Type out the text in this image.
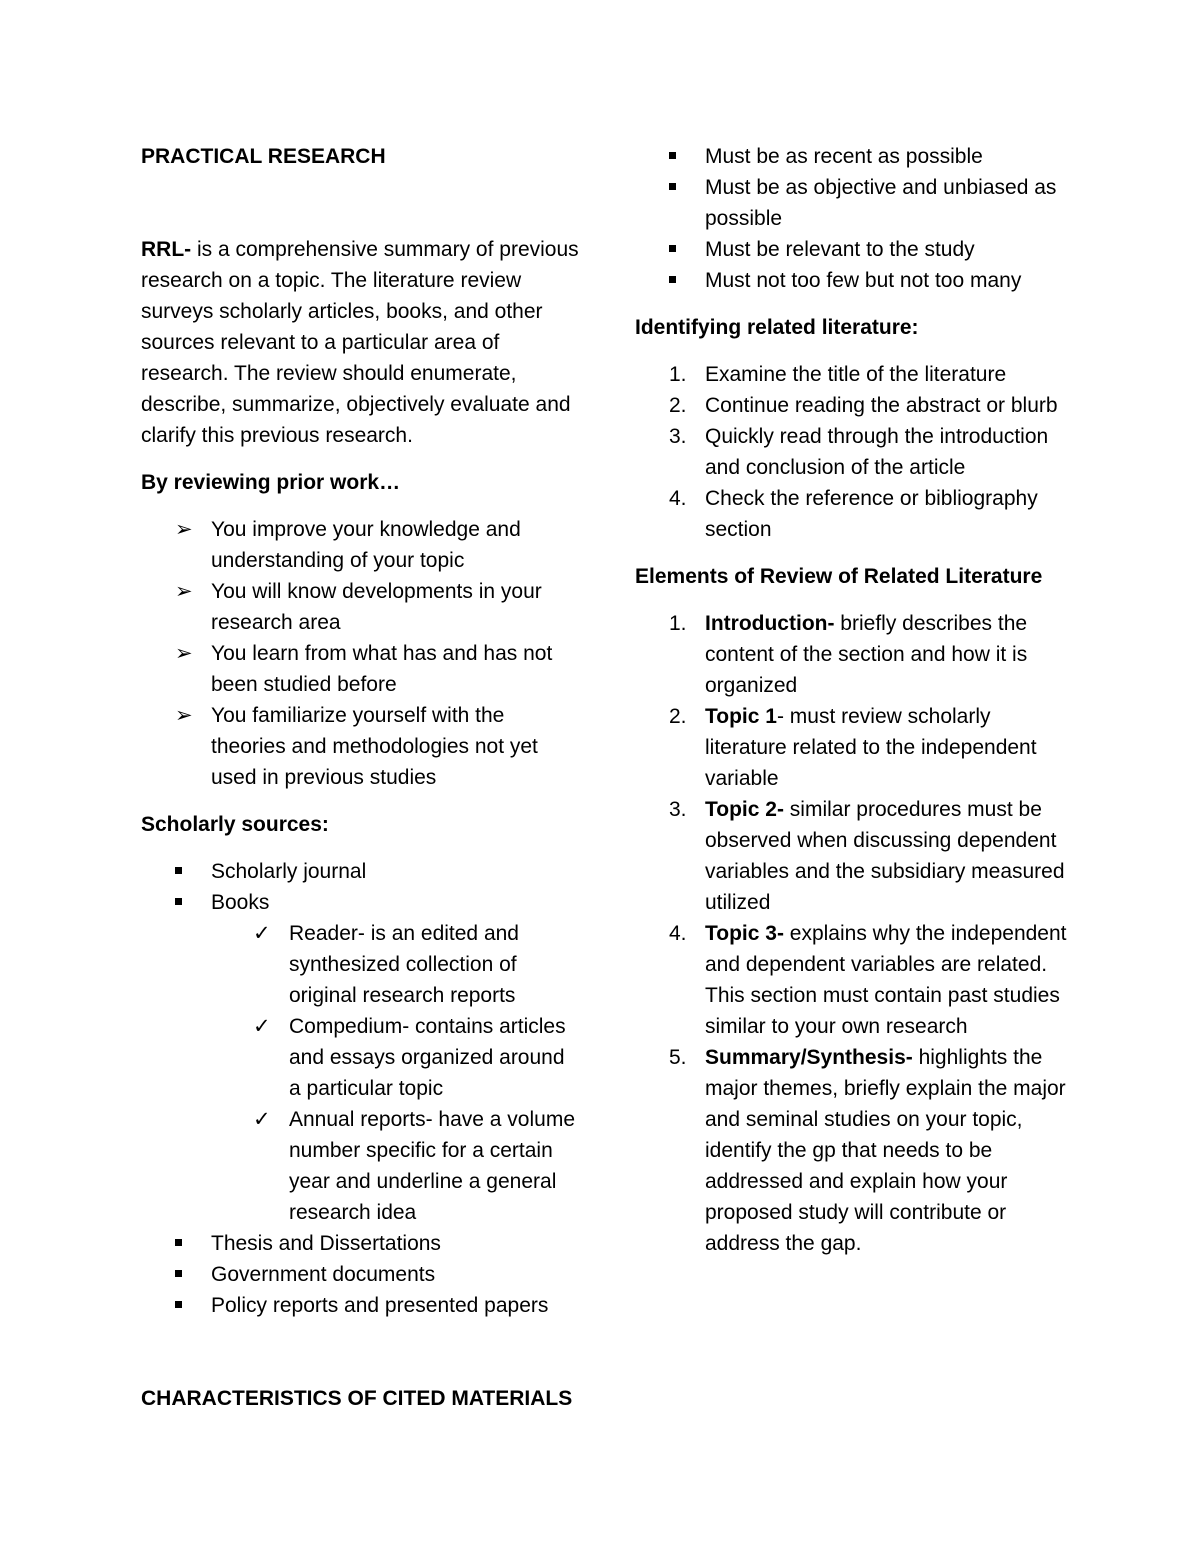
PRACTICAL RESEARCH

RRL- is a comprehensive summary of previous research on a topic. The literature review surveys scholarly articles, books, and other sources relevant to a particular area of research. The review should enumerate, describe, summarize, objectively evaluate and clarify this previous research.

By reviewing prior work…

➢ You improve your knowledge and understanding of your topic
➢ You will know developments in your research area
➢ You learn from what has and has not been studied before
➢ You familiarize yourself with the theories and methodologies not yet used in previous studies

Scholarly sources:

Scholarly journal
Books
✓ Reader- is an edited and synthesized collection of original research reports
✓ Compedium- contains articles and essays organized around a particular topic
✓ Annual reports- have a volume number specific for a certain year and underline a general research idea
Thesis and Dissertations
Government documents
Policy reports and presented papers

CHARACTERISTICS OF CITED MATERIALS

Must be as recent as possible
Must be as objective and unbiased as possible
Must be relevant to the study
Must not too few but not too many

Identifying related literature:

1. Examine the title of the literature
2. Continue reading the abstract or blurb
3. Quickly read through the introduction and conclusion of the article
4. Check the reference or bibliography section

Elements of Review of Related Literature

1. Introduction- briefly describes the content of the section and how it is organized
2. Topic 1- must review scholarly literature related to the independent variable
3. Topic 2- similar procedures must be observed when discussing dependent variables and the subsidiary measured utilized
4. Topic 3- explains why the independent and dependent variables are related. This section must contain past studies similar to your own research
5. Summary/Synthesis- highlights the major themes, briefly explain the major and seminal studies on your topic, identify the gp that needs to be addressed and explain how your proposed study will contribute or address the gap.
